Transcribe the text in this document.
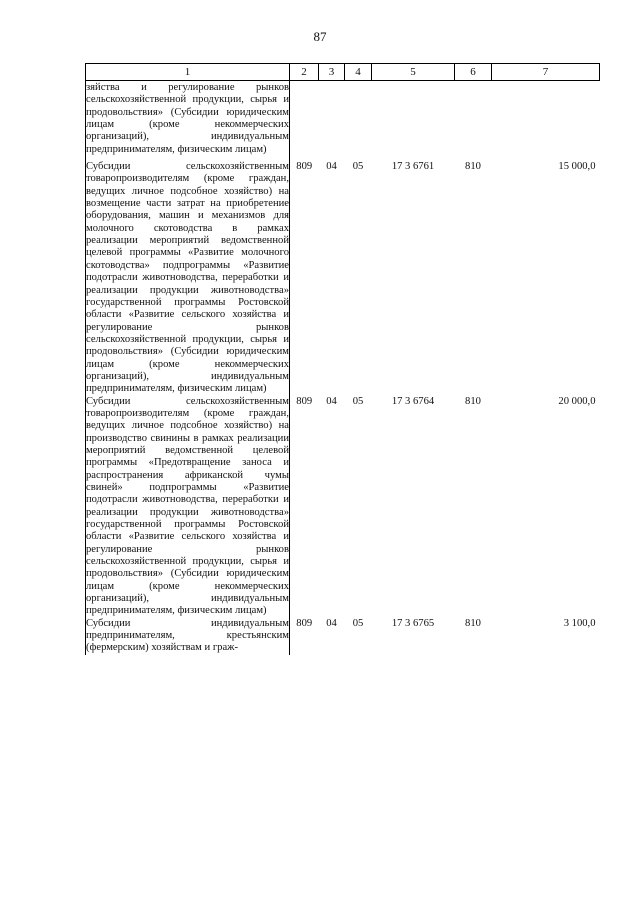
87
1	2	3	4	5	6	7
зяйства и регулирование рынков сельскохозяйственной продукции, сырья и продовольствия» (Субсидии юридическим лицам (кроме некоммерческих организаций), индивидуальным предпринимателям, физическим лицам)						
Субсидии сельскохозяйственным товаропроизводителям (кроме граждан, ведущих личное подсобное хозяйство) на возмещение части затрат на приобретение оборудования, машин и механизмов для молочного скотоводства в рамках реализации мероприятий ведомственной целевой программы «Развитие молочного скотоводства» подпрограммы «Развитие подотрасли животноводства, переработки и реализации продукции животноводства» государственной программы Ростовской области «Развитие сельского хозяйства и регулирование рынков сельскохозяйственной продукции, сырья и продовольствия» (Субсидии юридическим лицам (кроме некоммерческих организаций), индивидуальным предпринимателям, физическим лицам)	809	04	05	17 3 6761	810	15 000,0
Субсидии сельскохозяйственным товаропроизводителям (кроме граждан, ведущих личное подсобное хозяйство) на производство свинины в рамках реализации мероприятий ведомственной целевой программы «Предотвращение заноса и распространения африканской чумы свиней» подпрограммы «Развитие подотрасли животноводства, переработки и реализации продукции животноводства» государственной программы Ростовской области «Развитие сельского хозяйства и регулирование рынков сельскохозяйственной продукции, сырья и продовольствия» (Субсидии юридическим лицам (кроме некоммерческих организаций), индивидуальным предпринимателям, физическим лицам)	809	04	05	17 3 6764	810	20 000,0
Субсидии индивидуальным предпринимателям, крестьянским (фермерским) хозяйствам и граж-	809	04	05	17 3 6765	810	3 100,0
